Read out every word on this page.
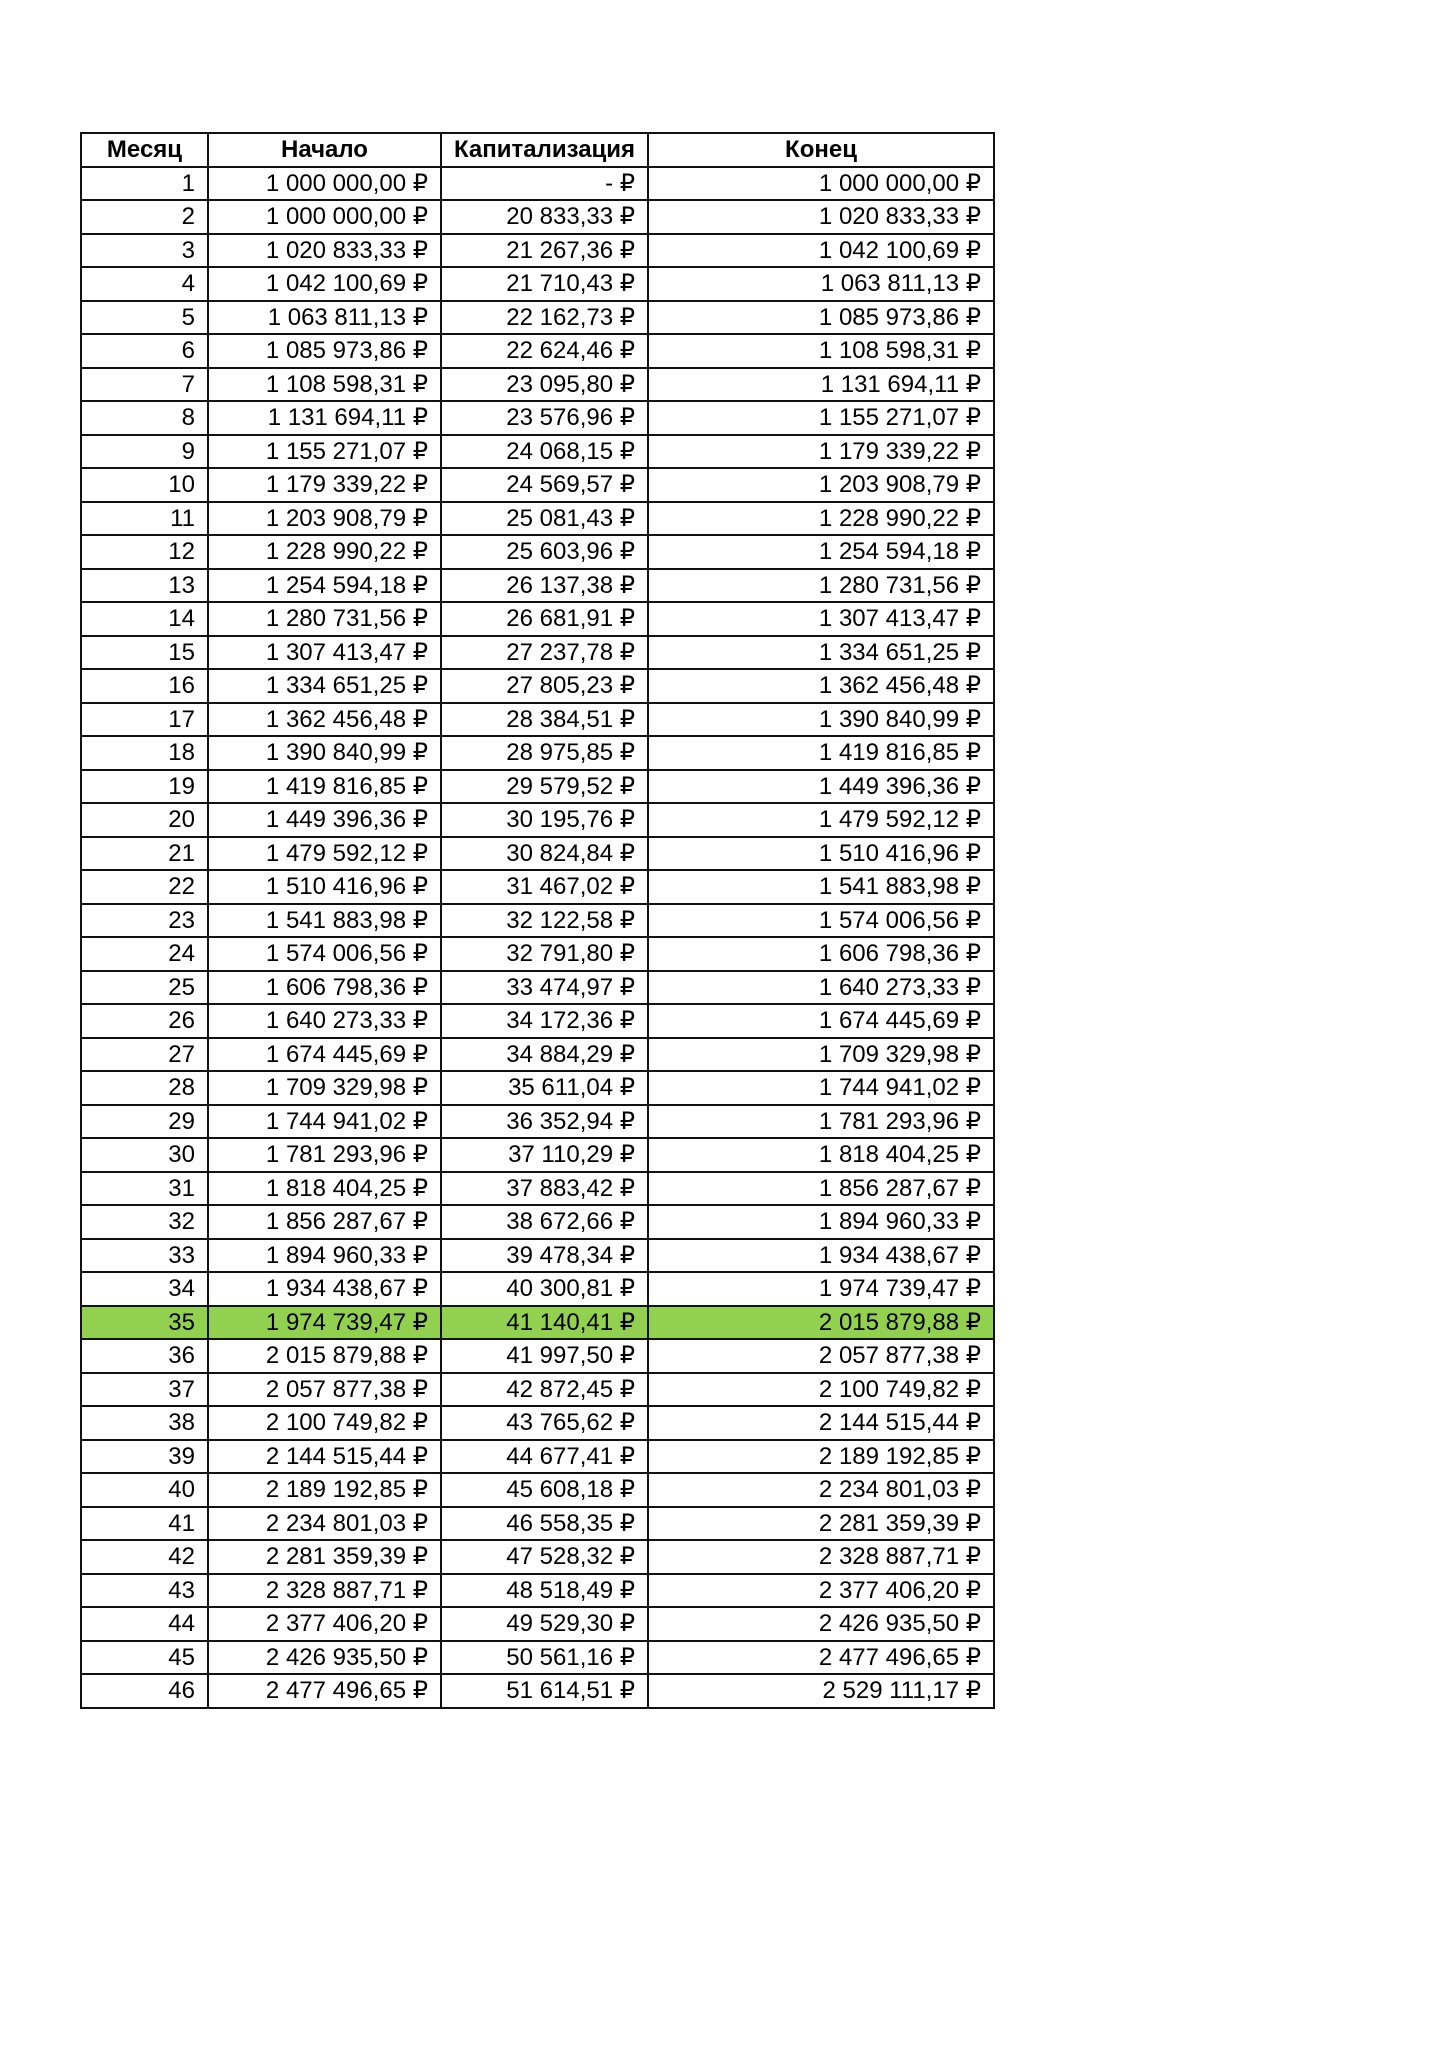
Месяц	Начало	Капитализация	Конец
1	1 000 000,00 ₽	- ₽	1 000 000,00 ₽
2	1 000 000,00 ₽	20 833,33 ₽	1 020 833,33 ₽
3	1 020 833,33 ₽	21 267,36 ₽	1 042 100,69 ₽
4	1 042 100,69 ₽	21 710,43 ₽	1 063 811,13 ₽
5	1 063 811,13 ₽	22 162,73 ₽	1 085 973,86 ₽
6	1 085 973,86 ₽	22 624,46 ₽	1 108 598,31 ₽
7	1 108 598,31 ₽	23 095,80 ₽	1 131 694,11 ₽
8	1 131 694,11 ₽	23 576,96 ₽	1 155 271,07 ₽
9	1 155 271,07 ₽	24 068,15 ₽	1 179 339,22 ₽
10	1 179 339,22 ₽	24 569,57 ₽	1 203 908,79 ₽
11	1 203 908,79 ₽	25 081,43 ₽	1 228 990,22 ₽
12	1 228 990,22 ₽	25 603,96 ₽	1 254 594,18 ₽
13	1 254 594,18 ₽	26 137,38 ₽	1 280 731,56 ₽
14	1 280 731,56 ₽	26 681,91 ₽	1 307 413,47 ₽
15	1 307 413,47 ₽	27 237,78 ₽	1 334 651,25 ₽
16	1 334 651,25 ₽	27 805,23 ₽	1 362 456,48 ₽
17	1 362 456,48 ₽	28 384,51 ₽	1 390 840,99 ₽
18	1 390 840,99 ₽	28 975,85 ₽	1 419 816,85 ₽
19	1 419 816,85 ₽	29 579,52 ₽	1 449 396,36 ₽
20	1 449 396,36 ₽	30 195,76 ₽	1 479 592,12 ₽
21	1 479 592,12 ₽	30 824,84 ₽	1 510 416,96 ₽
22	1 510 416,96 ₽	31 467,02 ₽	1 541 883,98 ₽
23	1 541 883,98 ₽	32 122,58 ₽	1 574 006,56 ₽
24	1 574 006,56 ₽	32 791,80 ₽	1 606 798,36 ₽
25	1 606 798,36 ₽	33 474,97 ₽	1 640 273,33 ₽
26	1 640 273,33 ₽	34 172,36 ₽	1 674 445,69 ₽
27	1 674 445,69 ₽	34 884,29 ₽	1 709 329,98 ₽
28	1 709 329,98 ₽	35 611,04 ₽	1 744 941,02 ₽
29	1 744 941,02 ₽	36 352,94 ₽	1 781 293,96 ₽
30	1 781 293,96 ₽	37 110,29 ₽	1 818 404,25 ₽
31	1 818 404,25 ₽	37 883,42 ₽	1 856 287,67 ₽
32	1 856 287,67 ₽	38 672,66 ₽	1 894 960,33 ₽
33	1 894 960,33 ₽	39 478,34 ₽	1 934 438,67 ₽
34	1 934 438,67 ₽	40 300,81 ₽	1 974 739,47 ₽
35	1 974 739,47 ₽	41 140,41 ₽	2 015 879,88 ₽
36	2 015 879,88 ₽	41 997,50 ₽	2 057 877,38 ₽
37	2 057 877,38 ₽	42 872,45 ₽	2 100 749,82 ₽
38	2 100 749,82 ₽	43 765,62 ₽	2 144 515,44 ₽
39	2 144 515,44 ₽	44 677,41 ₽	2 189 192,85 ₽
40	2 189 192,85 ₽	45 608,18 ₽	2 234 801,03 ₽
41	2 234 801,03 ₽	46 558,35 ₽	2 281 359,39 ₽
42	2 281 359,39 ₽	47 528,32 ₽	2 328 887,71 ₽
43	2 328 887,71 ₽	48 518,49 ₽	2 377 406,20 ₽
44	2 377 406,20 ₽	49 529,30 ₽	2 426 935,50 ₽
45	2 426 935,50 ₽	50 561,16 ₽	2 477 496,65 ₽
46	2 477 496,65 ₽	51 614,51 ₽	2 529 111,17 ₽
